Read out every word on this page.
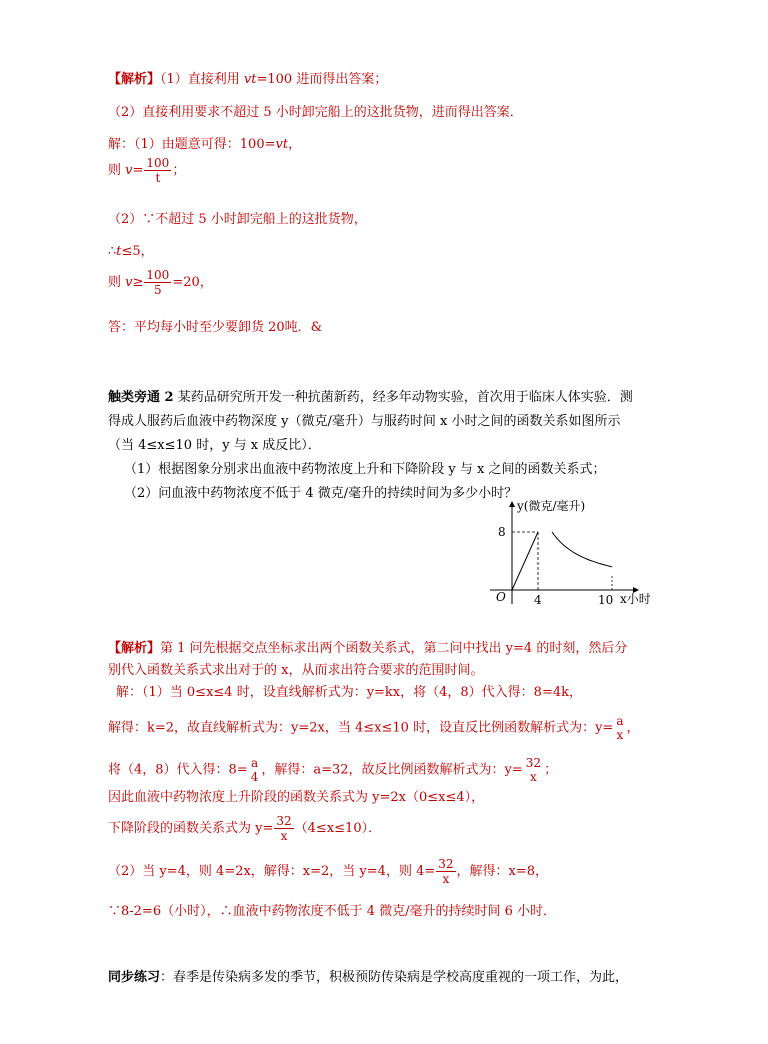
【解析】（1）直接利用 vt=100 进而得出答案；
（2）直接利用要求不超过 5 小时卸完船上的这批货物，进而得出答案．
解：（1）由题意可得：100=vt，
则 $v= \frac{100}{t}$ ；
（2）∵不超过 5 小时卸完船上的这批货物，
∴t≤5，
则 $v\ge \frac{100}{5} =20$，
答：平均每小时至少要卸货 20吨．&
触类旁通 2 某药品研究所开发一种抗菌新药，经多年动物实验，首次用于临床人体实验．测
得成人服药后血液中药物深度 y（微克/毫升）与服药时间 x 小时之间的函数关系如图所示
（当 4≤x≤10 时，y 与 x 成反比）．
（1）根据图象分别求出血液中药物浓度上升和下降阶段 y 与 x 之间的函数关系式；
（2）问血液中药物浓度不低于 4 微克/毫升的持续时间为多少小时？
y(微克/毫升)
x小时
O
8
4	10
【解析】第 1 问先根据交点坐标求出两个函数关系式，第二问中找出 y=4 的时刻，然后分
别代入函数关系式求出对于的 x，从而求出符合要求的范围时间。
解：（1）当 0≤x≤4 时，设直线解析式为：y=kx，将（4，8）代入得：8=4k，
解得：k=2，故直线解析式为：y=2x，当 4≤x≤10 时，设直反比例函数解析式为：y= a
x ，
将（4，8）代入得：8= a
4 ，解得：a=32，故反比例函数解析式为：y= 32
x ；
因此血液中药物浓度上升阶段的函数关系式为 y=2x（0≤x≤4），
下降阶段的函数关系式为 $y= \frac{32}{x} (4\le x\le 10)$．
（2）当 y=4，则 4=2x，解得：x=2，当 y=4，则 $4= \frac{32}{x}$ ，解得：x=8，
∵8-2=6（小时），∴血液中药物浓度不低于 4 微克/毫升的持续时间 6 小时．
同步练习：春季是传染病多发的季节，积极预防传染病是学校高度重视的一项工作，为此，
